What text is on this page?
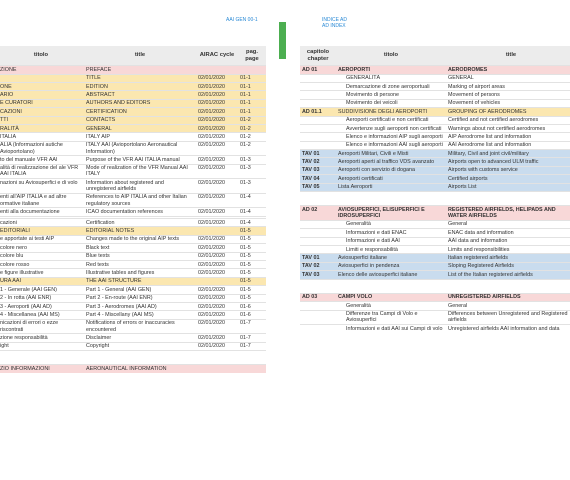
AAI GEN 00-1	INDICE AD
AD INDEX
titolo	title	AIRAC cycle	pag. page
ZIONE	PREFACE		
	TITLE	02/01/2020	01-1
ONE	EDITION	02/01/2020	01-1
ARIO	ABSTRACT	02/01/2020	01-1
E CURATORI	AUTHORS AND EDITORS	02/01/2020	01-1
CAZIONI	CERTIFICATION	02/01/2020	01-1
TTI	CONTACTS	02/01/2020	01-2
RALITÀ	GENERAL	02/01/2020	01-2
ITALIA	ITALY AIP	02/01/2020	01-2
ALIA (Informazioni autiche Avioportolano)	ITALY AAI (Avioportolano Aeronautical Information)	02/01/2020	01-2
to del manuale VFR AAI	Purpose of the VFR AAI ITALIA manual	02/01/2020	01-3
alità di realizzazione del ale VFR AAI ITALIA	Mode of realization of the VFR Manual AAI ITALY	02/01/2020	01-3
nazioni su Aviosuperfici e di volo	Information about registered and unregistered airfields	02/01/2020	01-3
enti all'AIP ITALIA e ad altre ormative italiane	References to AIP ITALIA and other Italian regulatory sources	02/01/2020	01-4
enti alla documentazione	ICAO documentation references	02/01/2020	01-4

cazioni	Certification	02/01/2020	01-4
EDITORIALI	EDITORIAL NOTES		01-5
e apportate ai testi AIP	Changes made to the original AIP texts	02/01/2020	01-5
colore nero	Black text	02/01/2020	01-5
colore blu	Blue texts	02/01/2020	01-5
colore rosso	Red texts	02/01/2020	01-5
e figure illustrative	Illustrative tables and figures	02/01/2020	01-5
URA AAI	THE AAI STRUCTURE		01-5
1 - Generale (AAI GEN)	Part 1 - General (AAI GEN)	02/01/2020	01-5
2 - In rotta (AAI ENR)	Part 2 - En-route (AAI ENR)	02/01/2020	01-5
3 - Aeroporti (AAI AD)	Part 3 - Aerodromes (AAI AD)	02/01/2020	01-6
4 - Miscellanea (AAI MS)	Part 4 - Miscellany (AAI MS)	02/01/2020	01-6
nicazioni di errori o ezze riscontrati	Notifications of errors or inaccuracies encountered	02/01/2020	01-7
zione responsabilità	Disclaimer	02/01/2020	01-7
ight	Copyright	02/01/2020	01-7

ZIO INFORMAZIONI	AERONAUTICAL INFORMATION		
capitolo chapter	titolo	title
AD 01	AEROPORTI	AERODROMES
	GENERALITÀ	GENERAL
	Demarcazione di zone aeroportuali	Marking of airport areas
	Movimento di persone	Movement of persons
	Movimento dei veicoli	Movement of vehicles
AD 01.1	SUDDIVISIONE DEGLI AEROPORTI	GROUPING OF AERODROMES
	Aeroporti certificati e non certificati	Certified and not certified aerodromes
	Avvertenze sugli aeroporti non certificati	Warnings about not certified aerodromes
	Elenco e informazioni AIP sugli aeroporti	AIP Aerodrome list and information
	Elenco e informazioni AAI sugli aeroporti	AAI Aerodrome list and information
TAV 01	Aeroporti Militari, Civili e Misti	Military, Civil and joint civil/military
TAV 02	Aeroporti aperti al traffico VDS avanzato	Airports open to advanced ULM traffic
TAV 03	Aeroporti con servizio di dogana	Airports with customs service
TAV 04	Aeroporti certificati	Certified airports
TAV 05	Lista Aeroporti	Airports List

AD 02	AVIOSUPERFICI, ELISUPERFICI E IDROSUPERFICI	REGISTERED AIRFIELDS, HELIPADS AND WATER AIRFIELDS
	Generalità	General
	Informazioni e dati ENAC	ENAC data and information
	Informazioni e dati AAI	AAI data and information
	Limiti e responsabilità	Limits and responsibilities
TAV 01	Aviosuperfici italiane	Italian registered airfields
TAV 02	Aviosuperfici in pendenza	Sloping Registered Airfields
TAV 03	Elenco delle aviosuperfici italiane	List of the Italian registered airfields

AD 03	CAMPI VOLO	UNREGISTERED AIRFIELDS
	Generalità	General
	Differenze tra Campi di Volo e Aviosuperfici	Differences between Unregistered and Registered airfields
	Informazioni e dati AAI sui Campi di volo	Unregistered airfields AAI information and data
